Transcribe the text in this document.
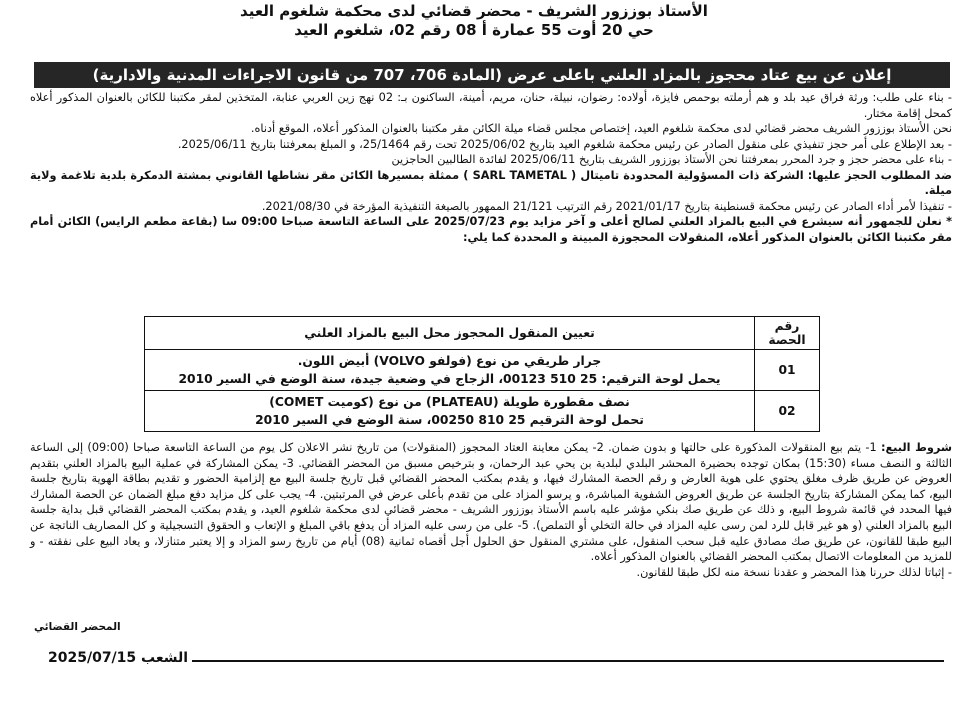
الأستاذ بوززور الشريف - محضر قضائي لدى محكمة شلغوم العيد
حي 20 أوت 55 عمارة أ 08 رقم 02، شلغوم العيد
إعلان عن بيع عتاد محجوز بالمزاد العلني باعلى عرض (المادة 706، 707 من قانون الاجراءات المدنية والادارية)

- بناء على طلب: ورثة فراق عيد بلد و هم أرملته بوحمص فايزة، أولاده: رضوان، نبيلة، حنان، مريم، أمينة، الساكنون بـ: 02 نهج زين العربي عنابة، المتخذين لمقر مكتبنا للكائن بالعنوان المذكور أعلاه كمحل إقامة مختار.

نحن الأستاذ بوززور الشريف محضر قضائي لدى محكمة شلغوم العيد، إختصاص مجلس قضاء ميلة الكائن مقر مكتبنا بالعنوان المذكور أعلاه، الموقع أدناه.

- بعد الإطلاع على أمر حجز تنفيذي على منقول الصادر عن رئيس محكمة شلغوم العيد بتاريخ 2025/06/02 تحت رقم 25/1464، و المبلغ بمعرفتنا بتاريخ 2025/06/11.

- بناء على محضر حجز و جرد المحرر بمعرفتنا نحن الأستاذ بوززور الشريف بتاريخ 2025/06/11 لفائدة الطالبين الحاجزين

ضد المطلوب الحجز عليها: الشركة ذات المسؤولية المحدودة تاميتال ( SARL TAMETAL ) ممثلة بمسيرها الكائن مقر نشاطها القانوني بمشتة الدمكرة بلدية تلاغمة ولاية ميلة.

- تنفيذا لأمر أداء الصادر عن رئيس محكمة قسنطينة بتاريخ 2021/01/17 رقم الترتيب 21/121 الممهور بالصيغة التنفيذية المؤرخة في 2021/08/30.

* نعلن للجمهور أنه سيشرع في البيع بالمزاد العلني لصالح أعلى و آخر مزايد يوم 2025/07/23 على الساعة التاسعة صباحا 09:00 سا (بقاعة مطعم الرايس) الكائن أمام مقر مكتبنا الكائن بالعنوان المذكور أعلاه، المنقولات المحجوزة المبينة و المحددة كما يلي:

رقم الحصة	تعيين المنقول المحجوز محل البيع بالمزاد العلني
01	جرار طريقي من نوع (فولفو VOLVO) أبيض اللون.
يحمل لوحة الترقيم: 25 510 00123، الزجاج في وضعية جيدة، سنة الوضع في السير 2010

02	نصف مقطورة طويلة (PLATEAU) من نوع (كوميت COMET)
تحمل لوحة الترقيم 25 810 00250، سنة الوضع في السير 2010

شروط البيع: 1- يتم بيع المنقولات المذكورة على حالتها و بدون ضمان. 2- يمكن معاينة العتاد المحجوز (المنقولات) من تاريخ نشر الاعلان كل يوم من الساعة التاسعة صباحا (09:00) إلى الساعة الثالثة و النصف مساء (15:30) بمكان توجده بحضيرة المحشر البلدي لبلدية بن يحي عبد الرحمان، و بترخيص مسبق من المحضر القضائي. 3- يمكن المشاركة في عملية البيع بالمزاد العلني بتقديم العروض عن طريق ظرف مغلق يحتوي على هوية العارض و رقم الحصة المشارك فيها، و يقدم بمكتب المحضر القضائي قبل تاريخ جلسة البيع مع إلزامية الحضور و تقديم بطاقة الهوية بتاريخ جلسة البيع، كما يمكن المشاركة بتاريخ الجلسة عن طريق العروض الشفوية المباشرة، و يرسو المزاد على من تقدم بأعلى عرض في المرتبتين. 4- يجب على كل مزايد دفع مبلغ الضمان عن الحصة المشارك فيها المحدد في قائمة شروط البيع، و ذلك عن طريق صك بنكي مؤشر عليه باسم الأستاذ بوززور الشريف - محضر قضائي لدى محكمة شلغوم العيد، و يقدم بمكتب المحضر القضائي قبل بداية جلسة البيع بالمزاد العلني (و هو غير قابل للرد لمن رسى عليه المزاد في حالة التخلي أو التملص). 5- على من رسى عليه المزاد أن يدفع باقي المبلغ و الإتعاب و الحقوق التسجيلية و كل المصاريف الناتجة عن البيع طبقا للقانون، عن طريق صك مصادق عليه قبل سحب المنقول، على مشتري المنقول حق الحلول أجل أقصاه ثمانية (08) أيام من تاريخ رسو المزاد و إلا يعتبر متنازلا، و يعاد البيع على نفقته - و للمزيد من المعلومات الاتصال بمكتب المحضر القضائي بالعنوان المذكور أعلاه.

- إثباتا لذلك حررنا هذا المحضر و عقدنا نسخة منه لكل طبقا للقانون.

المحضر القضائي
الشعب 2025/07/15
